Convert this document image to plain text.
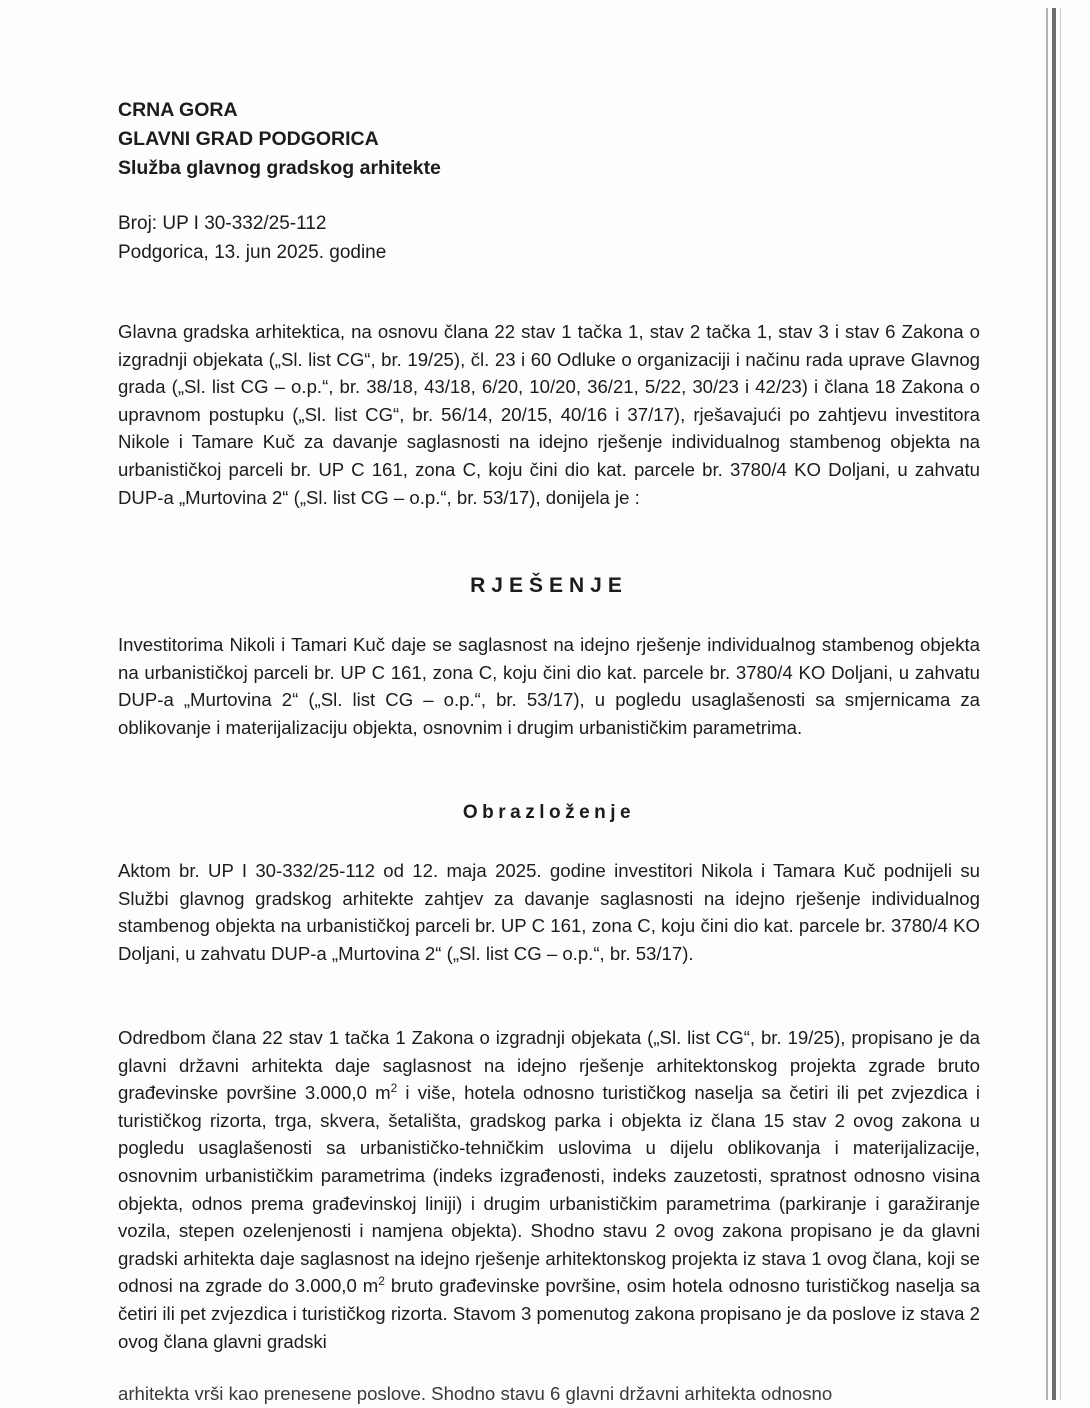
CRNA GORA
GLAVNI GRAD PODGORICA
Služba glavnog gradskog arhitekte
Broj: UP I 30-332/25-112
Podgorica, 13. jun 2025. godine

Glavna gradska arhitektica, na osnovu člana 22 stav 1 tačka 1, stav 2 tačka 1, stav 3 i stav 6 Zakona o izgradnji objekata („Sl. list CG“, br. 19/25), čl. 23 i 60 Odluke o organizaciji i načinu rada uprave Glavnog grada („Sl. list CG – o.p.“, br. 38/18, 43/18, 6/20, 10/20, 36/21, 5/22, 30/23 i 42/23) i člana 18 Zakona o upravnom postupku („Sl. list CG“, br. 56/14, 20/15, 40/16 i 37/17), rješavajući po zahtjevu investitora Nikole i Tamare Kuč za davanje saglasnosti na idejno rješenje individualnog stambenog objekta na urbanističkoj parceli br. UP C 161, zona C, koju čini dio kat. parcele br. 3780/4 KO Doljani, u zahvatu DUP-a „Murtovina 2“ („Sl. list CG – o.p.“, br. 53/17), donijela je :

RJEŠENJE

Investitorima Nikoli i Tamari Kuč daje se saglasnost na idejno rješenje individualnog stambenog objekta na urbanističkoj parceli br. UP C 161, zona C, koju čini dio kat. parcele br. 3780/4 KO Doljani, u zahvatu DUP-a „Murtovina 2“ („Sl. list CG – o.p.“, br. 53/17), u pogledu usaglašenosti sa smjernicama za oblikovanje i materijalizaciju objekta, osnovnim i drugim urbanističkim parametrima.

Obrazloženje

Aktom br. UP I 30-332/25-112 od 12. maja 2025. godine investitori Nikola i Tamara Kuč podnijeli su Službi glavnog gradskog arhitekte zahtjev za davanje saglasnosti na idejno rješenje individualnog stambenog objekta na urbanističkoj parceli br. UP C 161, zona C, koju čini dio kat. parcele br. 3780/4 KO Doljani, u zahvatu DUP-a „Murtovina 2“ („Sl. list CG – o.p.“, br. 53/17).

Odredbom člana 22 stav 1 tačka 1 Zakona o izgradnji objekata („Sl. list CG“, br. 19/25), propisano je da glavni državni arhitekta daje saglasnost na idejno rješenje arhitektonskog projekta zgrade bruto građevinske površine 3.000,0 $m^2$ i više, hotela odnosno turističkog naselja sa četiri ili pet zvjezdica i turističkog rizorta, trga, skvera, šetališta, gradskog parka i objekta iz člana 15 stav 2 ovog zakona u pogledu usaglašenosti sa urbanističko-tehničkim uslovima u dijelu oblikovanja i materijalizacije, osnovnim urbanističkim parametrima (indeks izgrađenosti, indeks zauzetosti, spratnost odnosno visina objekta, odnos prema građevinskoj liniji) i drugim urbanističkim parametrima (parkiranje i garažiranje vozila, stepen ozelenjenosti i namjena objekta). Shodno stavu 2 ovog zakona propisano je da glavni gradski arhitekta daje saglasnost na idejno rješenje arhitektonskog projekta iz stava 1 ovog člana, koji se odnosi na zgrade do 3.000,0 $m^2$ bruto građevinske površine, osim hotela odnosno turističkog naselja sa četiri ili pet zvjezdica i turističkog rizorta. Stavom 3 pomenutog zakona propisano je da poslove iz stava 2 ovog člana glavni gradski

arhitekta vrši kao prenesene poslove. Shodno stavu 6 glavni državni arhitekta odnosno
